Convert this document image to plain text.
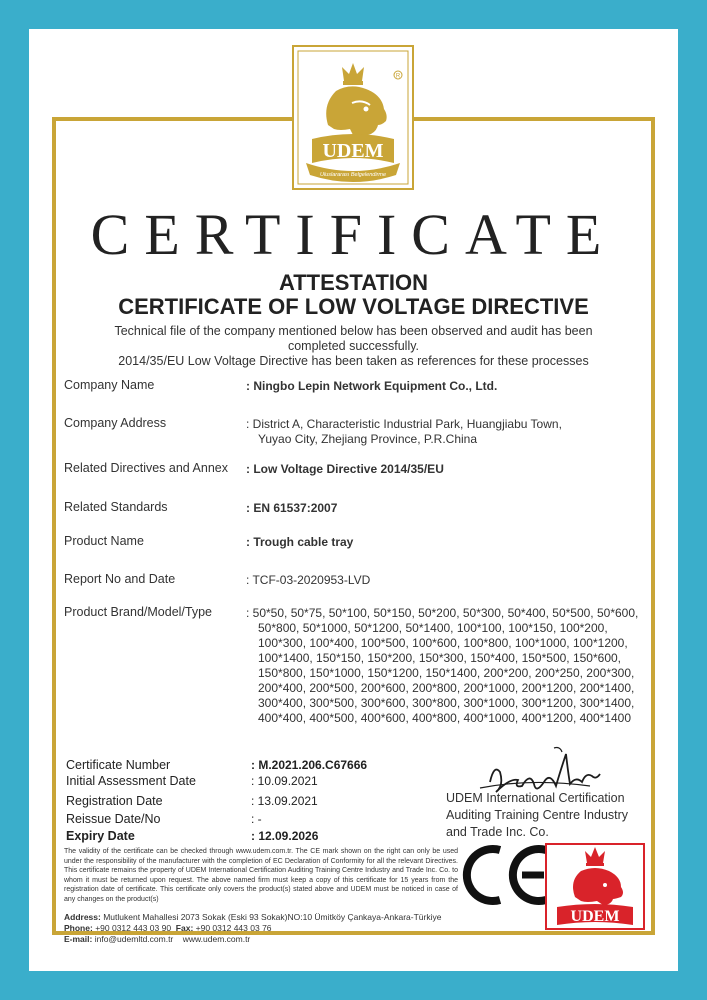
UDEM
Uluslararası Belgelendirme
R
CERTIFICATE
ATTESTATION
CERTIFICATE OF LOW VOLTAGE DIRECTIVE
Technical file of the company mentioned below has been observed and audit has been
completed successfully.
2014/35/EU Low Voltage Directive has been taken as references for these processes
Company Name	: Ningbo Lepin Network Equipment Co., Ltd.
Company Address	: District A, Characteristic Industrial Park, Huangjiabu Town,
Yuyao City, Zhejiang Province, P.R.China
Related Directives and Annex : Low Voltage Directive 2014/35/EU
Related Standards	: EN 61537:2007
Product Name	: Trough cable tray
Report No and Date	: TCF-03-2020953-LVD
Product Brand/Model/Type	: 50*50, 50*75, 50*100, 50*150, 50*200, 50*300, 50*400, 50*500, 50*600,
50*800, 50*1000, 50*1200, 50*1400, 100*100, 100*150, 100*200,
100*300, 100*400, 100*500, 100*600, 100*800, 100*1000, 100*1200,
100*1400, 150*150, 150*200, 150*300, 150*400, 150*500, 150*600,
150*800, 150*1000, 150*1200, 150*1400, 200*200, 200*250, 200*300,
200*400, 200*500, 200*600, 200*800, 200*1000, 200*1200, 200*1400,
300*400, 300*500, 300*600, 300*800, 300*1000, 300*1200, 300*1400,
400*400, 400*500, 400*600, 400*800, 400*1000, 400*1200, 400*1400
Certificate Number	: M.2021.206.C67666
Initial Assessment Date	: 10.09.2021
Registration Date	: 13.09.2021
Reissue Date/No	: -
Expiry Date	: 12.09.2026
UDEM International Certification
Auditing Training Centre Industry
and Trade Inc. Co.
The validity of the certificate can be checked through www.udem.com.tr. The CE mark shown on the right can only be used under the responsibility of the manufacturer with the completion of EC Declaration of Conformity for all the relevant Directives. This certificate remains the property of UDEM International Certification Auditing Training Centre Industry and Trade Inc. Co. to whom it must be returned upon request. The above named firm must keep a copy of this certificate for 15 years from the registration date of certificate. This certificate only covers the product(s) stated above and UDEM must be noticed in case of any changes on the product(s)
UDEM
Address: Mutlukent Mahallesi 2073 Sokak (Eski 93 Sokak)NO:10 Ümitköy Çankaya-Ankara-Türkiye
Phone: +90 0312 443 03 90 Fax: +90 0312 443 03 76
E-mail: info@udemltd.com.tr www.udem.com.tr
